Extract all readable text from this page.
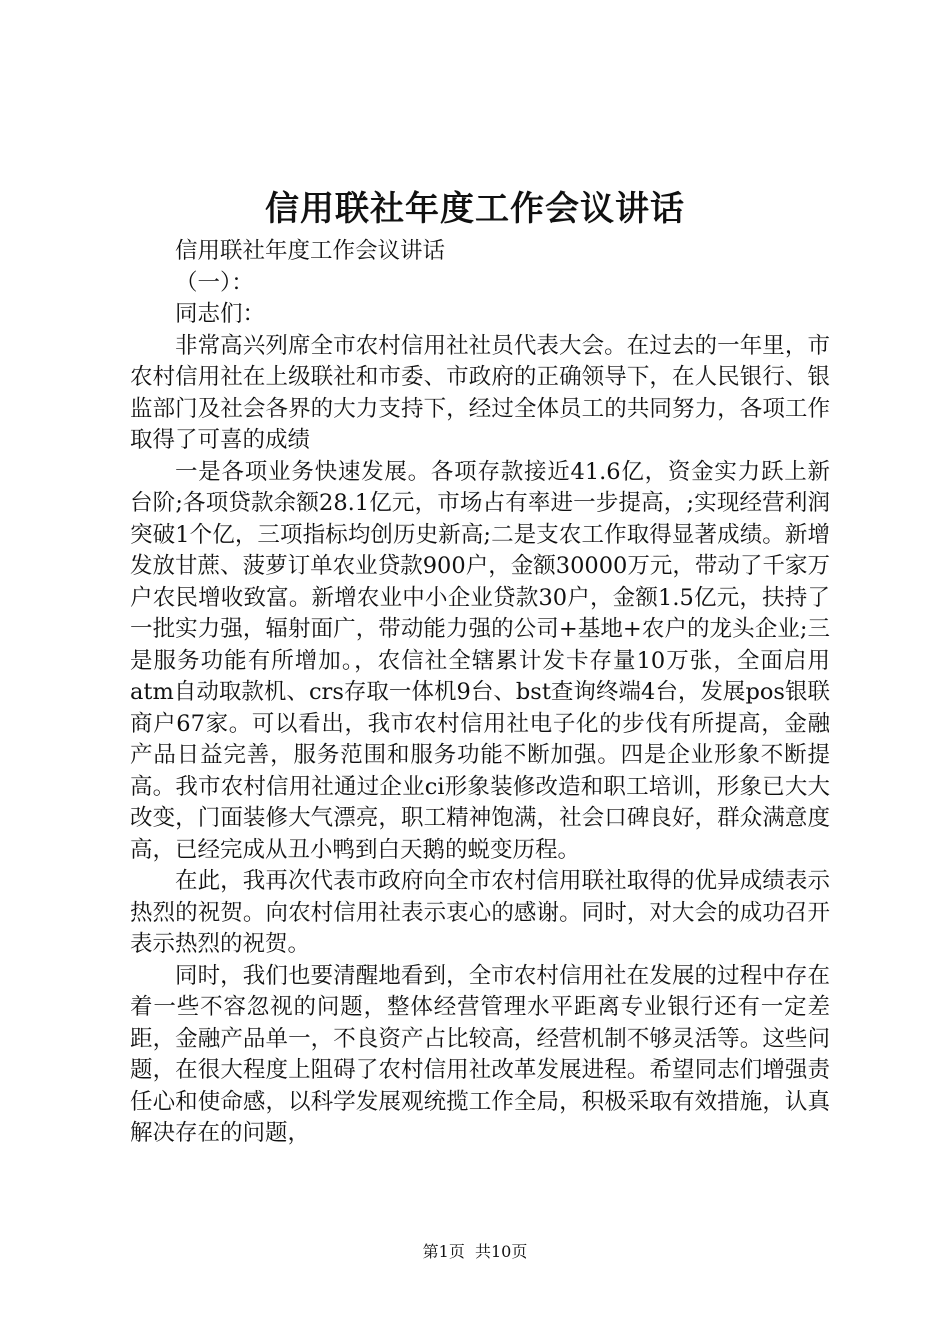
信用联社年度工作会议讲话

信用联社年度工作会议讲话

（一）：

同志们：

非常高兴列席全市农村信用社社员代表大会。在过去的一年里，市农村信用社在上级联社和市委、市政府的正确领导下，在人民银行、银监部门及社会各界的大力支持下，经过全体员工的共同努力，各项工作取得了可喜的成绩

一是各项业务快速发展。各项存款接近41.6亿，资金实力跃上新台阶;各项贷款余额28.1亿元，市场占有率进一步提高，;实现经营利润突破1个亿，三项指标均创历史新高;二是支农工作取得显著成绩。新增发放甘蔗、菠萝订单农业贷款900户，金额30000万元，带动了千家万户农民增收致富。新增农业中小企业贷款30户，金额1.5亿元，扶持了一批实力强，辐射面广，带动能力强的公司+基地+农户的龙头企业;三是服务功能有所增加。，农信社全辖累计发卡存量10万张，全面启用atm自动取款机、crs存取一体机9台、bst查询终端4台，发展pos银联商户67家。可以看出，我市农村信用社电子化的步伐有所提高，金融产品日益完善，服务范围和服务功能不断加强。四是企业形象不断提高。我市农村信用社通过企业ci形象装修改造和职工培训，形象已大大改变，门面装修大气漂亮，职工精神饱满，社会口碑良好，群众满意度高，已经完成从丑小鸭到白天鹅的蜕变历程。

在此，我再次代表市政府向全市农村信用联社取得的优异成绩表示热烈的祝贺。向农村信用社表示衷心的感谢。同时，对大会的成功召开表示热烈的祝贺。

同时，我们也要清醒地看到，全市农村信用社在发展的过程中存在着一些不容忽视的问题，整体经营管理水平距离专业银行还有一定差距，金融产品单一，不良资产占比较高，经营机制不够灵活等。这些问题，在很大程度上阻碍了农村信用社改革发展进程。希望同志们增强责任心和使命感，以科学发展观统揽工作全局，积极采取有效措施，认真解决存在的问题，

第1页  共10页
